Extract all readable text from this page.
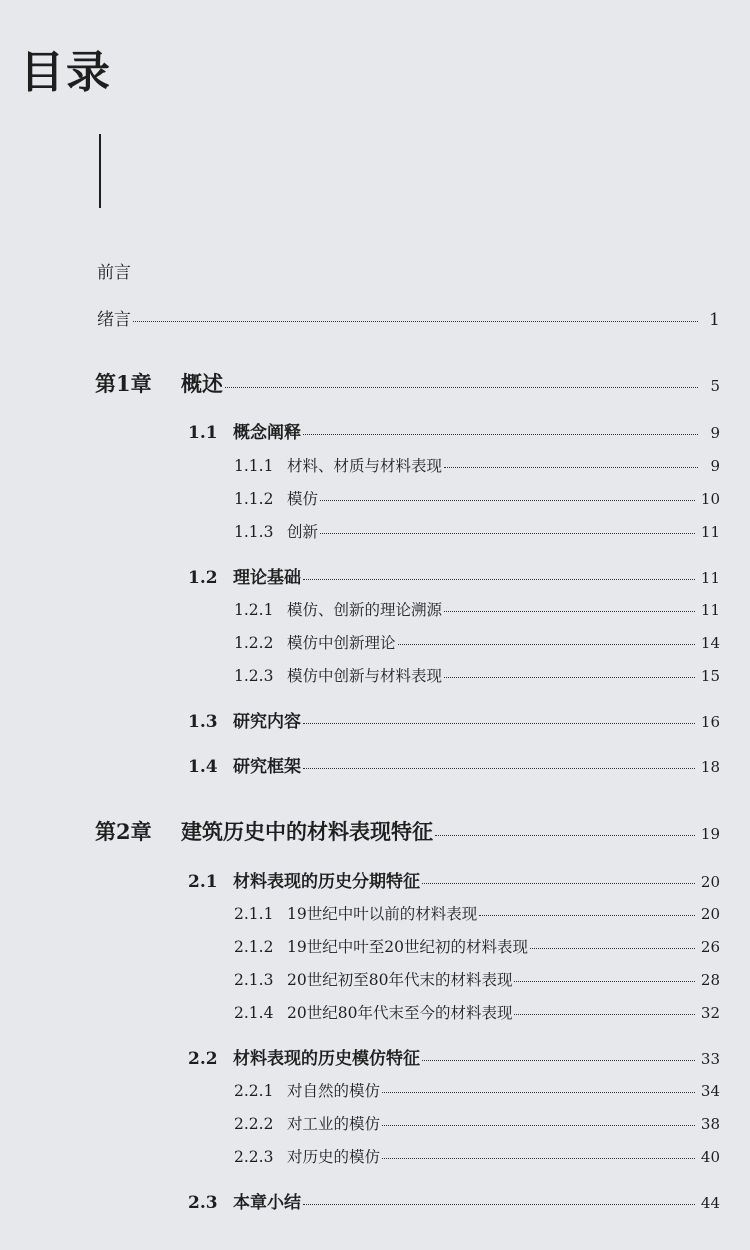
目录
前言
绪言	1
第1章	概述	5
1.1 概念阐释	9
1.1.1 材料、材质与材料表现	9
1.1.2 模仿	10
1.1.3 创新	11
1.2 理论基础	11
1.2.1 模仿、创新的理论溯源	11
1.2.2 模仿中创新理论	14
1.2.3 模仿中创新与材料表现	15
1.3 研究内容	16
1.4 研究框架	18
第2章	建筑历史中的材料表现特征	19
2.1 材料表现的历史分期特征	20
2.1.1 19世纪中叶以前的材料表现	20
2.1.2 19世纪中叶至20世纪初的材料表现	26
2.1.3 20世纪初至80年代末的材料表现	28
2.1.4 20世纪80年代末至今的材料表现	32
2.2 材料表现的历史模仿特征	33
2.2.1 对自然的模仿	34
2.2.2 对工业的模仿	38
2.2.3 对历史的模仿	40
2.3 本章小结	44
